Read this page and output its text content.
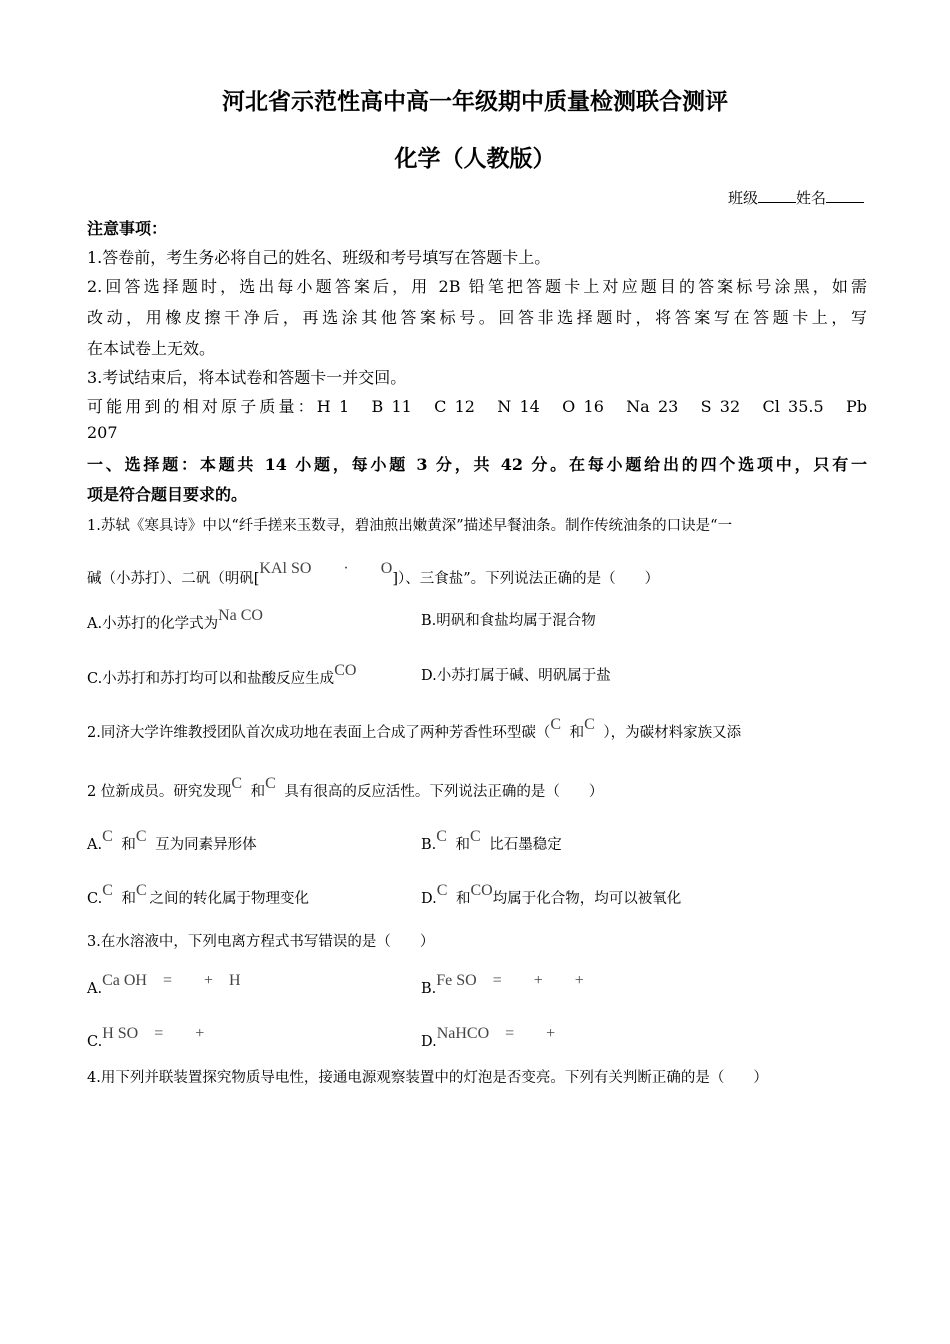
河北省示范性高中高一年级期中质量检测联合测评
化学（人教版）
班级	姓名
注意事项：
1.答卷前，考生务必将自己的姓名、班级和考号填写在答题卡上。
2.回答选择题时，选出每小题答案后，用 2B 铅笔把答题卡上对应题目的答案标号涂黑，如需
改动，用橡皮擦干净后，再选涂其他答案标号。回答非选择题时，将答案写在答题卡上，写
在本试卷上无效。
3.考试结束后，将本试卷和答题卡一并交回。
可能用到的相对原子质量：H 1　B 11　C 12　N 14　O 16　Na 23　S 32　Cl 35.5　Pb
207
一、选择题：本题共 14 小题，每小题 3 分，共 42 分。在每小题给出的四个选项中，只有一
项是符合题目要求的。
1.苏轼《寒具诗》中以“纤手搓来玉数寻，碧油煎出嫩黄深”描述早餐油条。制作传统油条的口诀是“一
碱（小苏打）、二矾（明矾[KAl SO　　·　　O]）、三食盐”。下列说法正确的是（　　）
A.小苏打的化学式为Na CO	B.明矾和食盐均属于混合物
C.小苏打和苏打均可以和盐酸反应生成CO	D.小苏打属于碱、明矾属于盐
2.同济大学许维教授团队首次成功地在表面上合成了两种芳香性环型碳（C 和C ），为碳材料家族又添
2 位新成员。研究发现C 和C 具有很高的反应活性。下列说法正确的是（　　）
A.C 和C 互为同素异形体	B.C 和C 比石墨稳定
C.C 和C 之间的转化属于物理变化	D.C 和CO均属于化合物，均可以被氧化
3.在水溶液中，下列电离方程式书写错误的是（　　）
A.Ca OH　=　　+　H	B.Fe SO　=　　+　　+
C.H SO　=　　+	D.NaHCO　=　　+
4.用下列并联装置探究物质导电性，接通电源观察装置中的灯泡是否变亮。下列有关判断正确的是（　　）
